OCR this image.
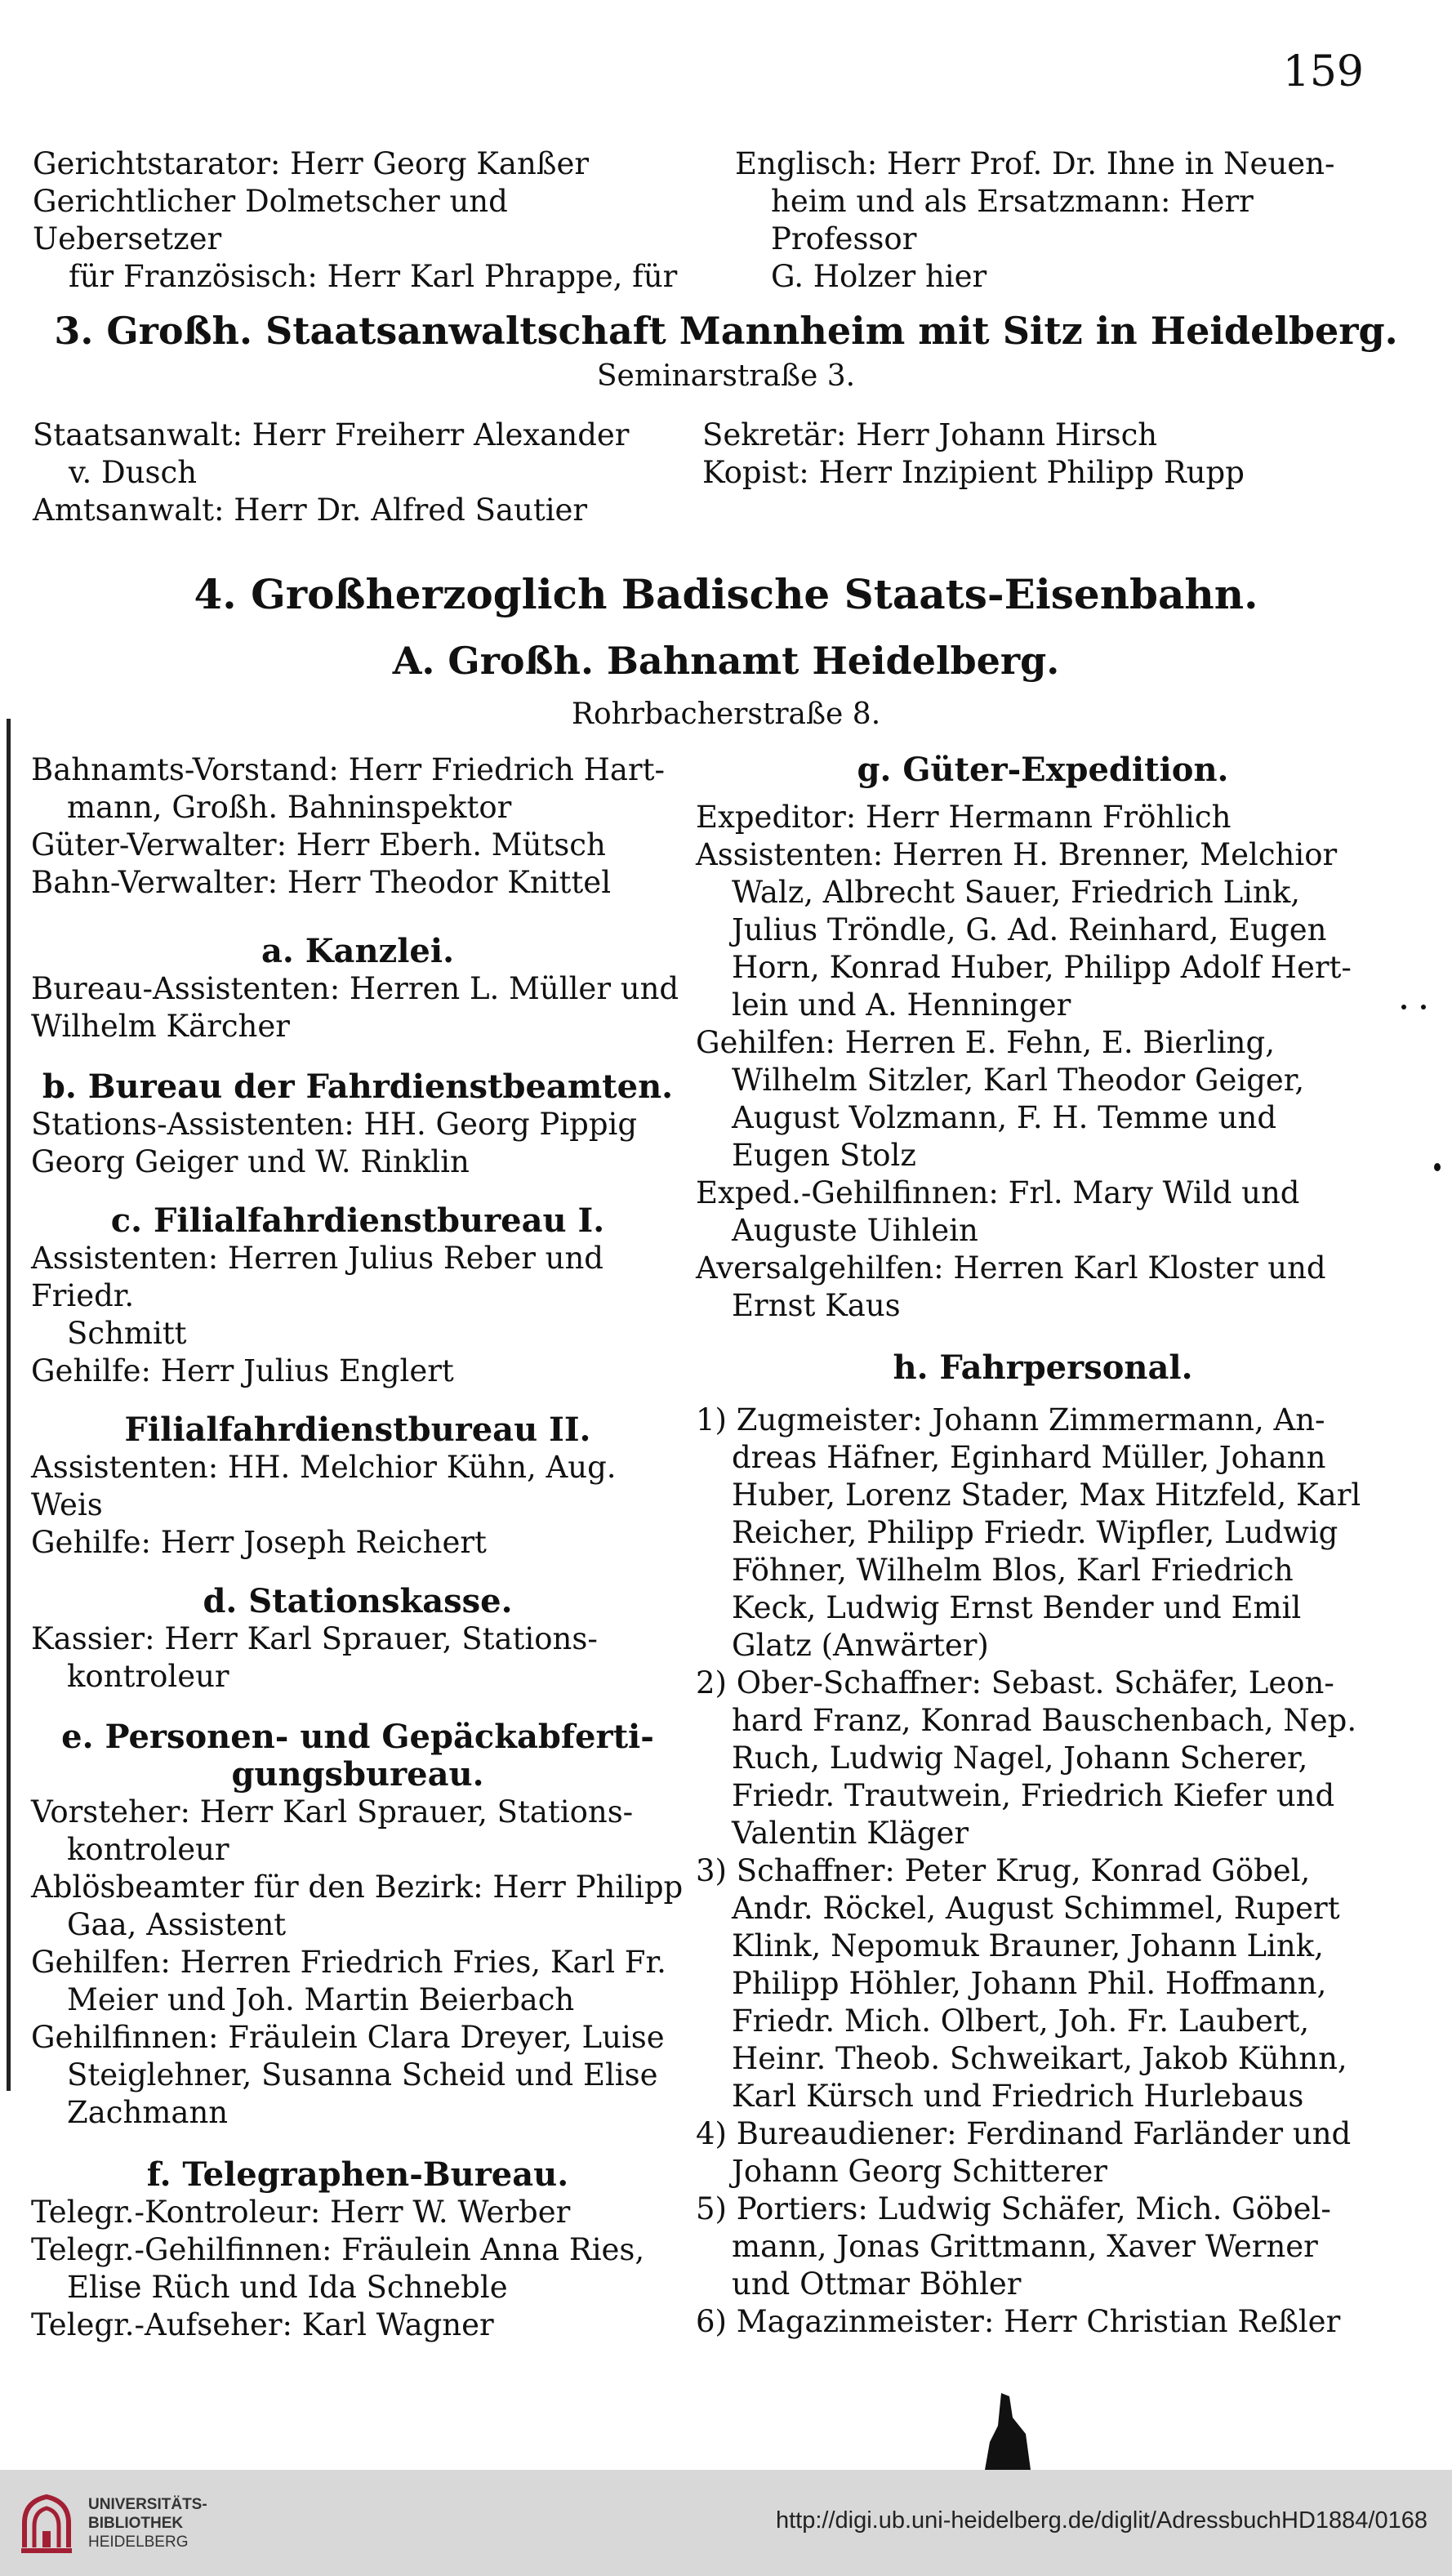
159

Gerichtstarator: Herr Georg Kanßer

Gerichtlicher Dolmetscher und Uebersetzer

für Französisch: Herr Karl Phrappe, für

Englisch: Herr Prof. Dr. Ihne in Neuen-

heim und als Ersatzmann: Herr Professor

G. Holzer hier

3. Großh. Staatsanwaltschaft Mannheim mit Sitz in Heidelberg.
Seminarstraße 3.

Staatsanwalt: Herr Freiherr Alexander

v. Dusch

Amtsanwalt: Herr Dr. Alfred Sautier

Sekretär: Herr Johann Hirsch

Kopist: Herr Inzipient Philipp Rupp

4. Großherzoglich Badische Staats-Eisenbahn.
A. Großh. Bahnamt Heidelberg.
Rohrbacherstraße 8.

Bahnamts-Vorstand: Herr Friedrich Hart-

mann, Großh. Bahninspektor

Güter-Verwalter: Herr Eberh. Mütsch

Bahn-Verwalter: Herr Theodor Knittel

a. Kanzlei.

Bureau-Assistenten: Herren L. Müller und

Wilhelm Kärcher

b. Bureau der Fahrdienstbeamten.

Stations-Assistenten: HH. Georg Pippig

Georg Geiger und W. Rinklin

c. Filialfahrdienstbureau I.

Assistenten: Herren Julius Reber und Friedr.

Schmitt

Gehilfe: Herr Julius Englert

Filialfahrdienstbureau II.

Assistenten: HH. Melchior Kühn, Aug. Weis

Gehilfe: Herr Joseph Reichert

d. Stationskasse.

Kassier: Herr Karl Sprauer, Stations-

kontroleur

e. Personen- und Gepäckabferti-

gungsbureau.

Vorsteher: Herr Karl Sprauer, Stations-

kontroleur

Ablösbeamter für den Bezirk: Herr Philipp

Gaa, Assistent

Gehilfen: Herren Friedrich Fries, Karl Fr.

Meier und Joh. Martin Beierbach

Gehilfinnen: Fräulein Clara Dreyer, Luise

Steiglehner, Susanna Scheid und Elise

Zachmann

f. Telegraphen-Bureau.

Telegr.-Kontroleur: Herr W. Werber

Telegr.-Gehilfinnen: Fräulein Anna Ries,

Elise Rüch und Ida Schneble

Telegr.-Aufseher: Karl Wagner

g. Güter-Expedition.

Expeditor: Herr Hermann Fröhlich

Assistenten: Herren H. Brenner, Melchior

Walz, Albrecht Sauer, Friedrich Link,

Julius Tröndle, G. Ad. Reinhard, Eugen

Horn, Konrad Huber, Philipp Adolf Hert-

lein und A. Henninger

Gehilfen: Herren E. Fehn, E. Bierling,

Wilhelm Sitzler, Karl Theodor Geiger,

August Volzmann, F. H. Temme und

Eugen Stolz

Exped.-Gehilfinnen: Frl. Mary Wild und

Auguste Uihlein

Aversalgehilfen: Herren Karl Kloster und

Ernst Kaus

h. Fahrpersonal.

1) Zugmeister: Johann Zimmermann, An-

dreas Häfner, Eginhard Müller, Johann

Huber, Lorenz Stader, Max Hitzfeld, Karl

Reicher, Philipp Friedr. Wipfler, Ludwig

Föhner, Wilhelm Blos, Karl Friedrich

Keck, Ludwig Ernst Bender und Emil

Glatz (Anwärter)

2) Ober-Schaffner: Sebast. Schäfer, Leon-

hard Franz, Konrad Bauschenbach, Nep.

Ruch, Ludwig Nagel, Johann Scherer,

Friedr. Trautwein, Friedrich Kiefer und

Valentin Kläger

3) Schaffner: Peter Krug, Konrad Göbel,

Andr. Röckel, August Schimmel, Rupert

Klink, Nepomuk Brauner, Johann Link,

Philipp Höhler, Johann Phil. Hoffmann,

Friedr. Mich. Olbert, Joh. Fr. Laubert,

Heinr. Theob. Schweikart, Jakob Kühnn,

Karl Kürsch und Friedrich Hurlebaus

4) Bureaudiener: Ferdinand Farländer und

Johann Georg Schitterer

5) Portiers: Ludwig Schäfer, Mich. Göbel-

mann, Jonas Grittmann, Xaver Werner

und Ottmar Böhler

6) Magazinmeister: Herr Christian Reßler

UNIVERSITÄTS-
BIBLIOTHEK
HEIDELBERG
http://digi.ub.uni-heidelberg.de/diglit/AdressbuchHD1884/0168
